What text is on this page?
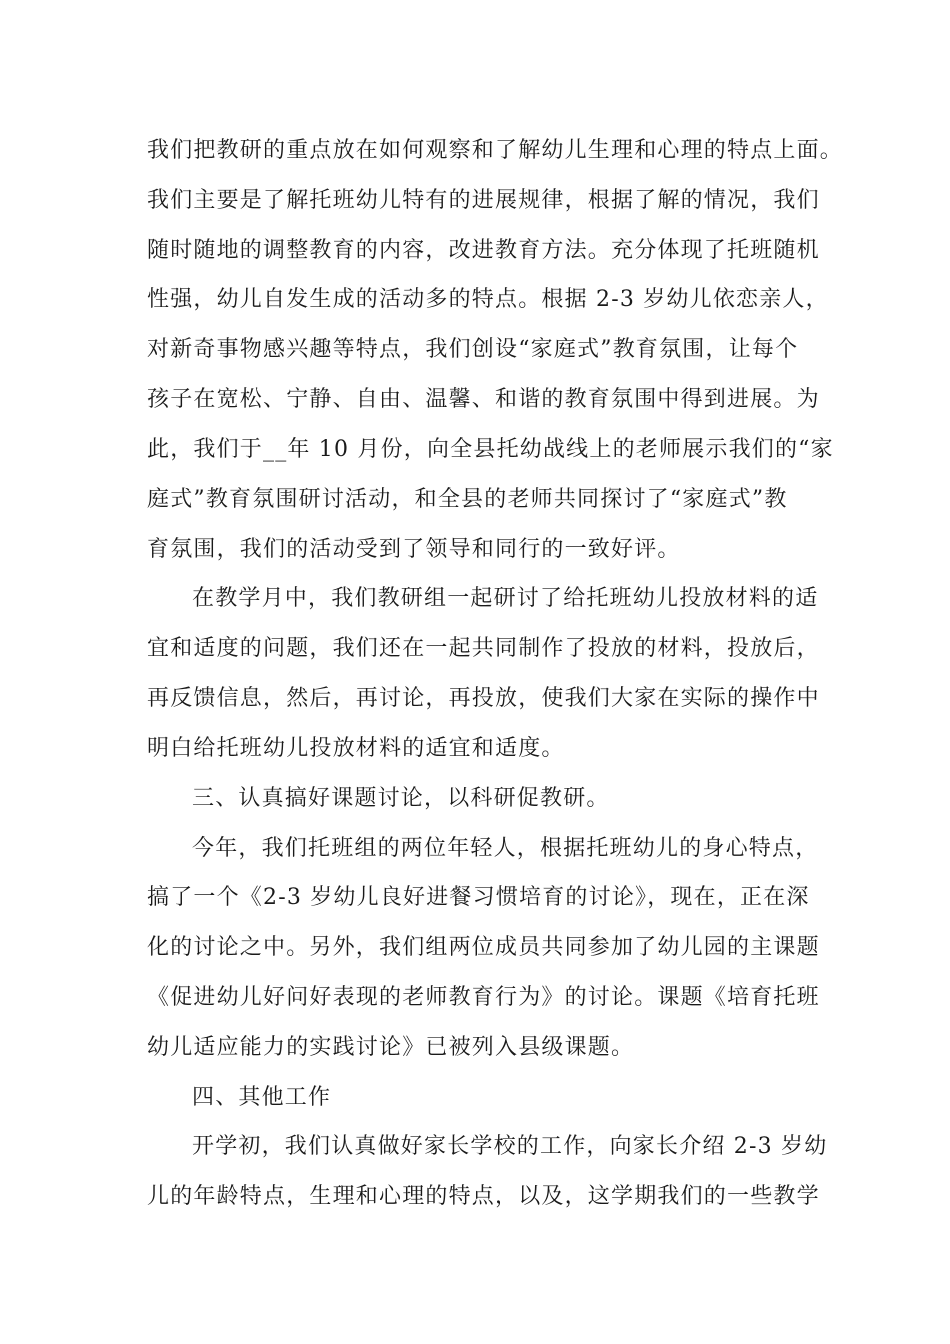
我们把教研的重点放在如何观察和了解幼儿生理和心理的特点上面。
我们主要是了解托班幼儿特有的进展规律，根据了解的情况，我们
随时随地的调整教育的内容，改进教育方法。充分体现了托班随机
性强，幼儿自发生成的活动多的特点。根据 2-3 岁幼儿依恋亲人，
对新奇事物感兴趣等特点，我们创设“家庭式”教育氛围，让每个
孩子在宽松、宁静、自由、温馨、和谐的教育氛围中得到进展。为
此，我们于__年 10 月份，向全县托幼战线上的老师展示我们的“家
庭式”教育氛围研讨活动，和全县的老师共同探讨了“家庭式”教
育氛围，我们的活动受到了领导和同行的一致好评。
在教学月中，我们教研组一起研讨了给托班幼儿投放材料的适
宜和适度的问题，我们还在一起共同制作了投放的材料，投放后，
再反馈信息，然后，再讨论，再投放，使我们大家在实际的操作中
明白给托班幼儿投放材料的适宜和适度。
三、认真搞好课题讨论，以科研促教研。
今年，我们托班组的两位年轻人，根据托班幼儿的身心特点，
搞了一个《2-3 岁幼儿良好进餐习惯培育的讨论》，现在，正在深
化的讨论之中。另外，我们组两位成员共同参加了幼儿园的主课题
《促进幼儿好问好表现的老师教育行为》的讨论。课题《培育托班
幼儿适应能力的实践讨论》已被列入县级课题。
四、其他工作
开学初，我们认真做好家长学校的工作，向家长介绍 2-3 岁幼
儿的年龄特点，生理和心理的特点，以及，这学期我们的一些教学
